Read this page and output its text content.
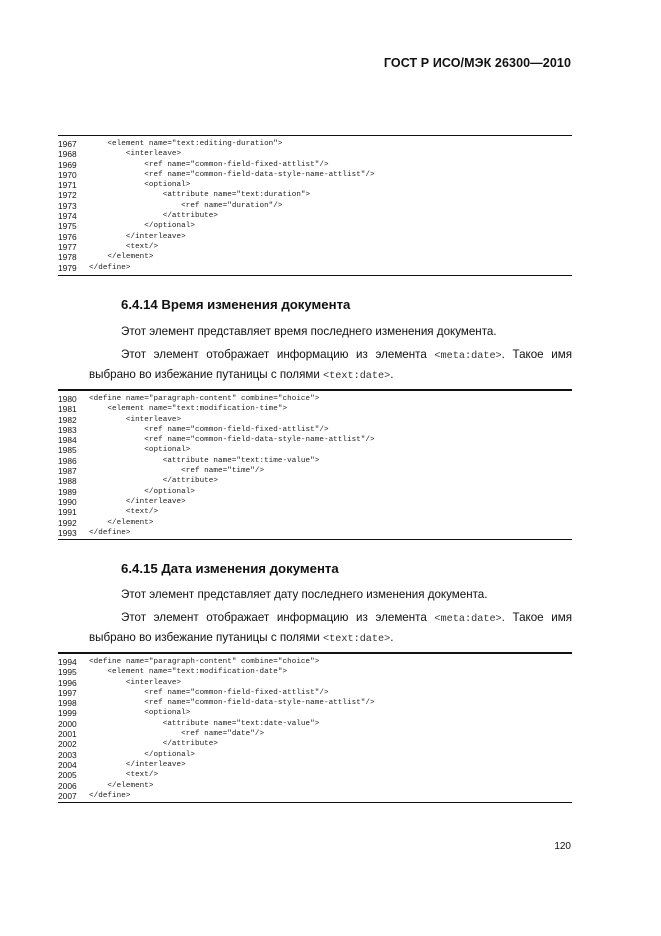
ГОСТ Р ИСО/МЭК 26300—2010
1967 <element name="text:editing-duration">
1968 <interleave>
1969 <ref name="common-field-fixed-attlist"/>
1970 <ref name="common-field-data-style-name-attlist"/>
1971 <optional>
1972 <attribute name="text:duration">
1973 <ref name="duration"/>
1974 </attribute>
1975 </optional>
1976 </interleave>
1977 <text/>
1978 </element>
1979 </define>
6.4.14 Время изменения документа
Этот элемент представляет время последнего изменения документа.
Этот элемент отображает информацию из элемента <meta:date>. Такое имя выбрано во избежание путаницы с полями <text:date>.
1980 <define name="paragraph-content" combine="choice">
1981 <element name="text:modification-time">
1982 <interleave>
1983 <ref name="common-field-fixed-attlist"/>
1984 <ref name="common-field-data-style-name-attlist"/>
1985 <optional>
1986 <attribute name="text:time-value">
1987 <ref name="time"/>
1988 </attribute>
1989 </optional>
1990 </interleave>
1991 <text/>
1992 </element>
1993 </define>
6.4.15 Дата изменения документа
Этот элемент представляет дату последнего изменения документа.
Этот элемент отображает информацию из элемента <meta:date>. Такое имя выбрано во избежание путаницы с полями <text:date>.
1994 <define name="paragraph-content" combine="choice">
1995 <element name="text:modification-date">
1996 <interleave>
1997 <ref name="common-field-fixed-attlist"/>
1998 <ref name="common-field-data-style-name-attlist"/>
1999 <optional>
2000 <attribute name="text:date-value">
2001 <ref name="date"/>
2002 </attribute>
2003 </optional>
2004 </interleave>
2005 <text/>
2006 </element>
2007 </define>
120
